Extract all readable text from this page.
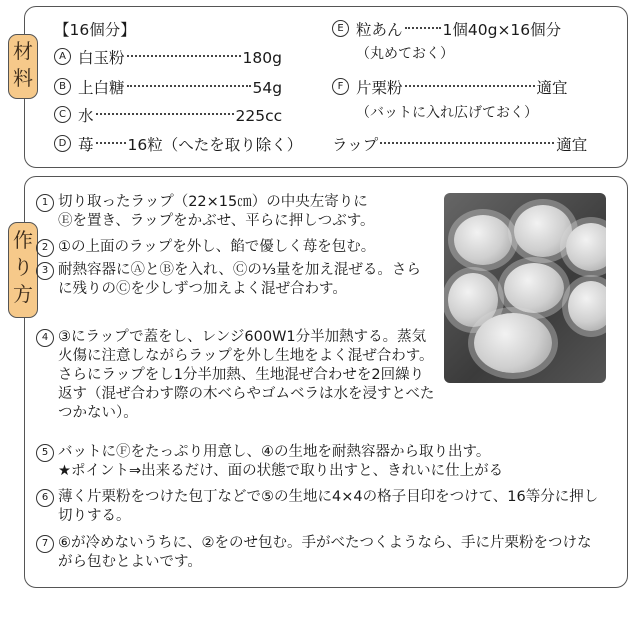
材
料
作
り
方
【16個分】
A 白玉粉	180g
B 上白糖	54g
C 水	225cc
D 苺 16粒（へたを取り除く）
E 粒あん	1個40g×16個分
（丸めておく）
F 片栗粉	適宜
（バットに入れ広げておく）
ラップ	適宜
1 切り取ったラップ（22×15㎝）の中央左寄りにⒺを置き、ラップをかぶせ、平らに押しつぶす。
2 ①の上面のラップを外し、餡で優しく苺を包む。
3 耐熱容器にⒶとⒷを入れ、Ⓒの⅓量を加え混ぜる。さらに残りのⒸを少しずつ加えよく混ぜ合わす。
4 ③にラップで蓋をし、レンジ600W1分半加熱する。蒸気火傷に注意しながらラップを外し生地をよく混ぜ合わす。さらにラップをし1分半加熱、生地混ぜ合わせを2回繰り返す（混ぜ合わす際の木べらやゴムベラは水を浸すとべたつかない）。
5 バットにⒻをたっぷり用意し、④の生地を耐熱容器から取り出す。
★ポイント⇒出来るだけ、面の状態で取り出すと、きれいに仕上がる
6 薄く片栗粉をつけた包丁などで⑤の生地に4×4の格子目印をつけて、16等分に押し切りする。
7 ⑥が冷めないうちに、②をのせ包む。手がべたつくようなら、手に片栗粉をつけながら包むとよいです。
